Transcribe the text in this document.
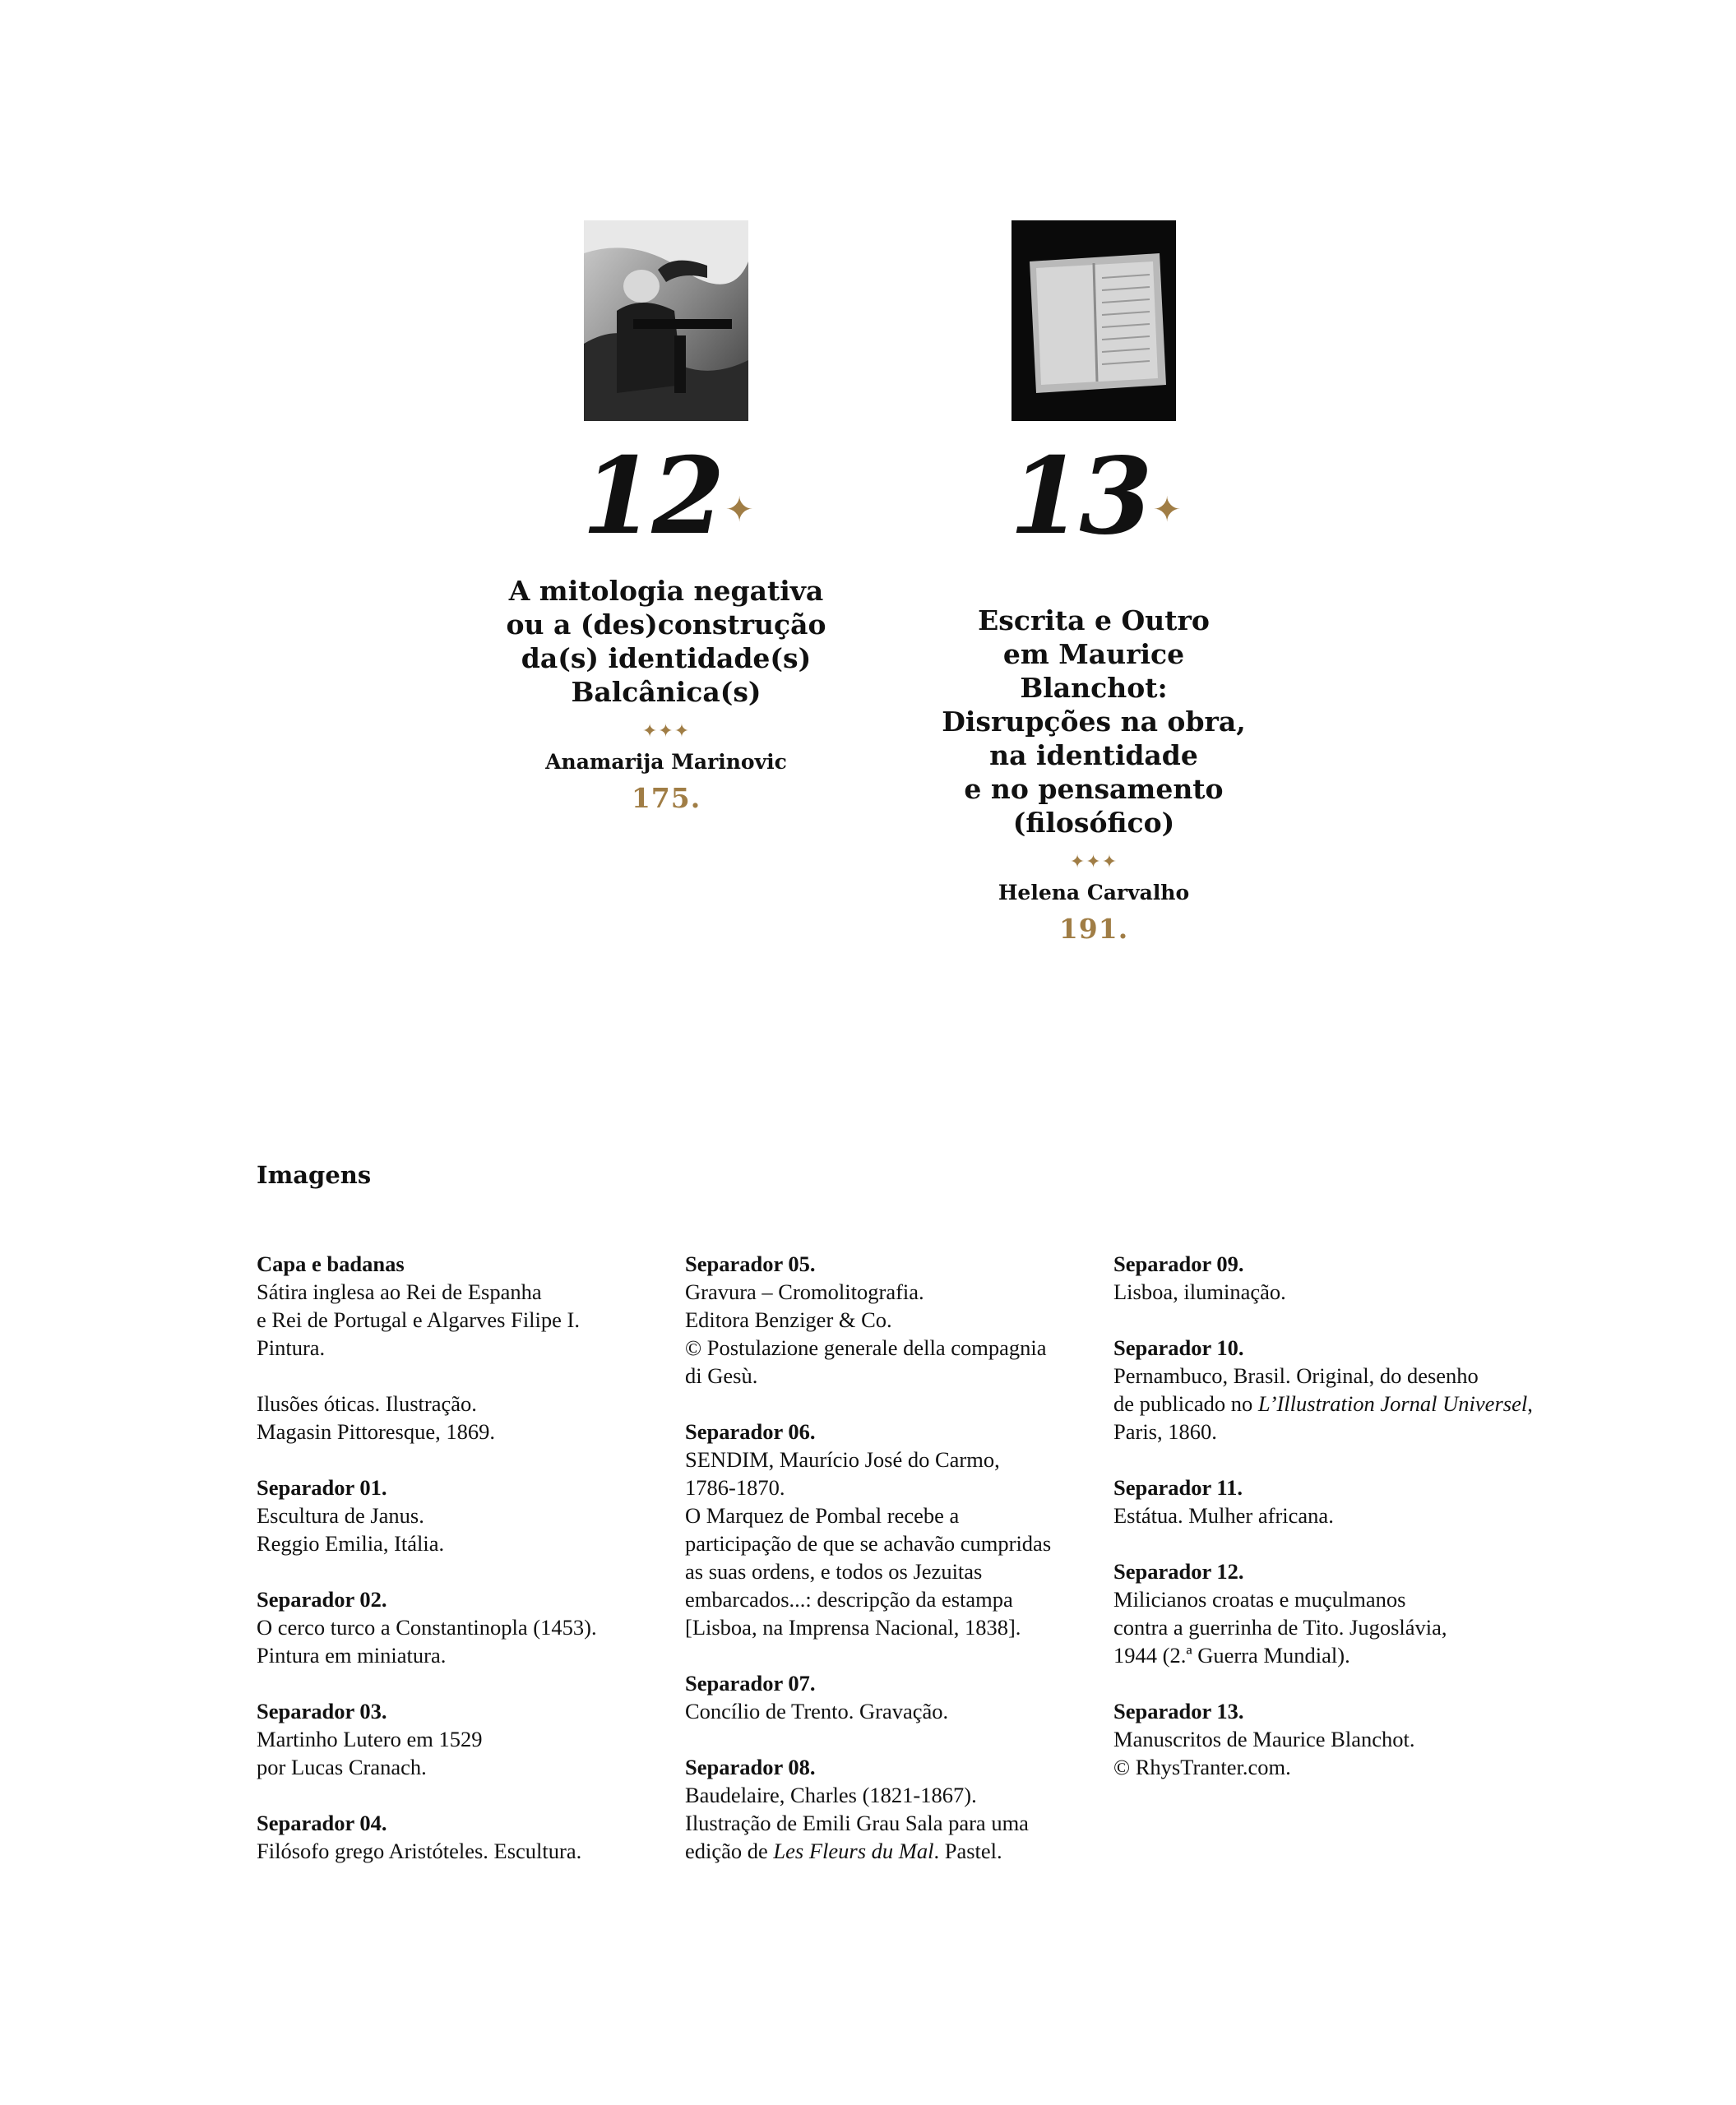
12✦
A mitologia negativa
ou a (des)construção
da(s) identidade(s)
Balcânica(s)
✦✦✦
Anamarija Marinovic
175.
13✦
Escrita e Outro
em Maurice Blanchot:
Disrupções na obra,
na identidade
e no pensamento
(filosófico)
✦✦✦
Helena Carvalho
191.
Imagens
Capa e badanas
Sátira inglesa ao Rei de Espanha
e Rei de Portugal e Algarves Filipe I.
Pintura.
Ilusões óticas. Ilustração.
Magasin Pittoresque, 1869.
Separador 01.
Escultura de Janus.
Reggio Emilia, Itália.
Separador 02.
O cerco turco a Constantinopla (1453).
Pintura em miniatura.
Separador 03.
Martinho Lutero em 1529
por Lucas Cranach.
Separador 04.
Filósofo grego Aristóteles. Escultura.
Separador 05.
Gravura – Cromolitografia.
Editora Benziger & Co.
© Postulazione generale della compagnia
di Gesù.
Separador 06.
SENDIM, Maurício José do Carmo,
1786-1870.
O Marquez de Pombal recebe a
participação de que se achavão cumpridas
as suas ordens, e todos os Jezuitas
embarcados...: descripção da estampa
[Lisboa, na Imprensa Nacional, 1838].
Separador 07.
Concílio de Trento. Gravação.
Separador 08.
Baudelaire, Charles (1821-1867).
Ilustração de Emili Grau Sala para uma
edição de Les Fleurs du Mal. Pastel.
Separador 09.
Lisboa, iluminação.
Separador 10.
Pernambuco, Brasil. Original, do desenho
de publicado no L’Illustration Jornal Universel,
Paris, 1860.
Separador 11.
Estátua. Mulher africana.
Separador 12.
Milicianos croatas e muçulmanos
contra a guerrinha de Tito. Jugoslávia,
1944 (2.ª Guerra Mundial).
Separador 13.
Manuscritos de Maurice Blanchot.
© RhysTranter.com.
